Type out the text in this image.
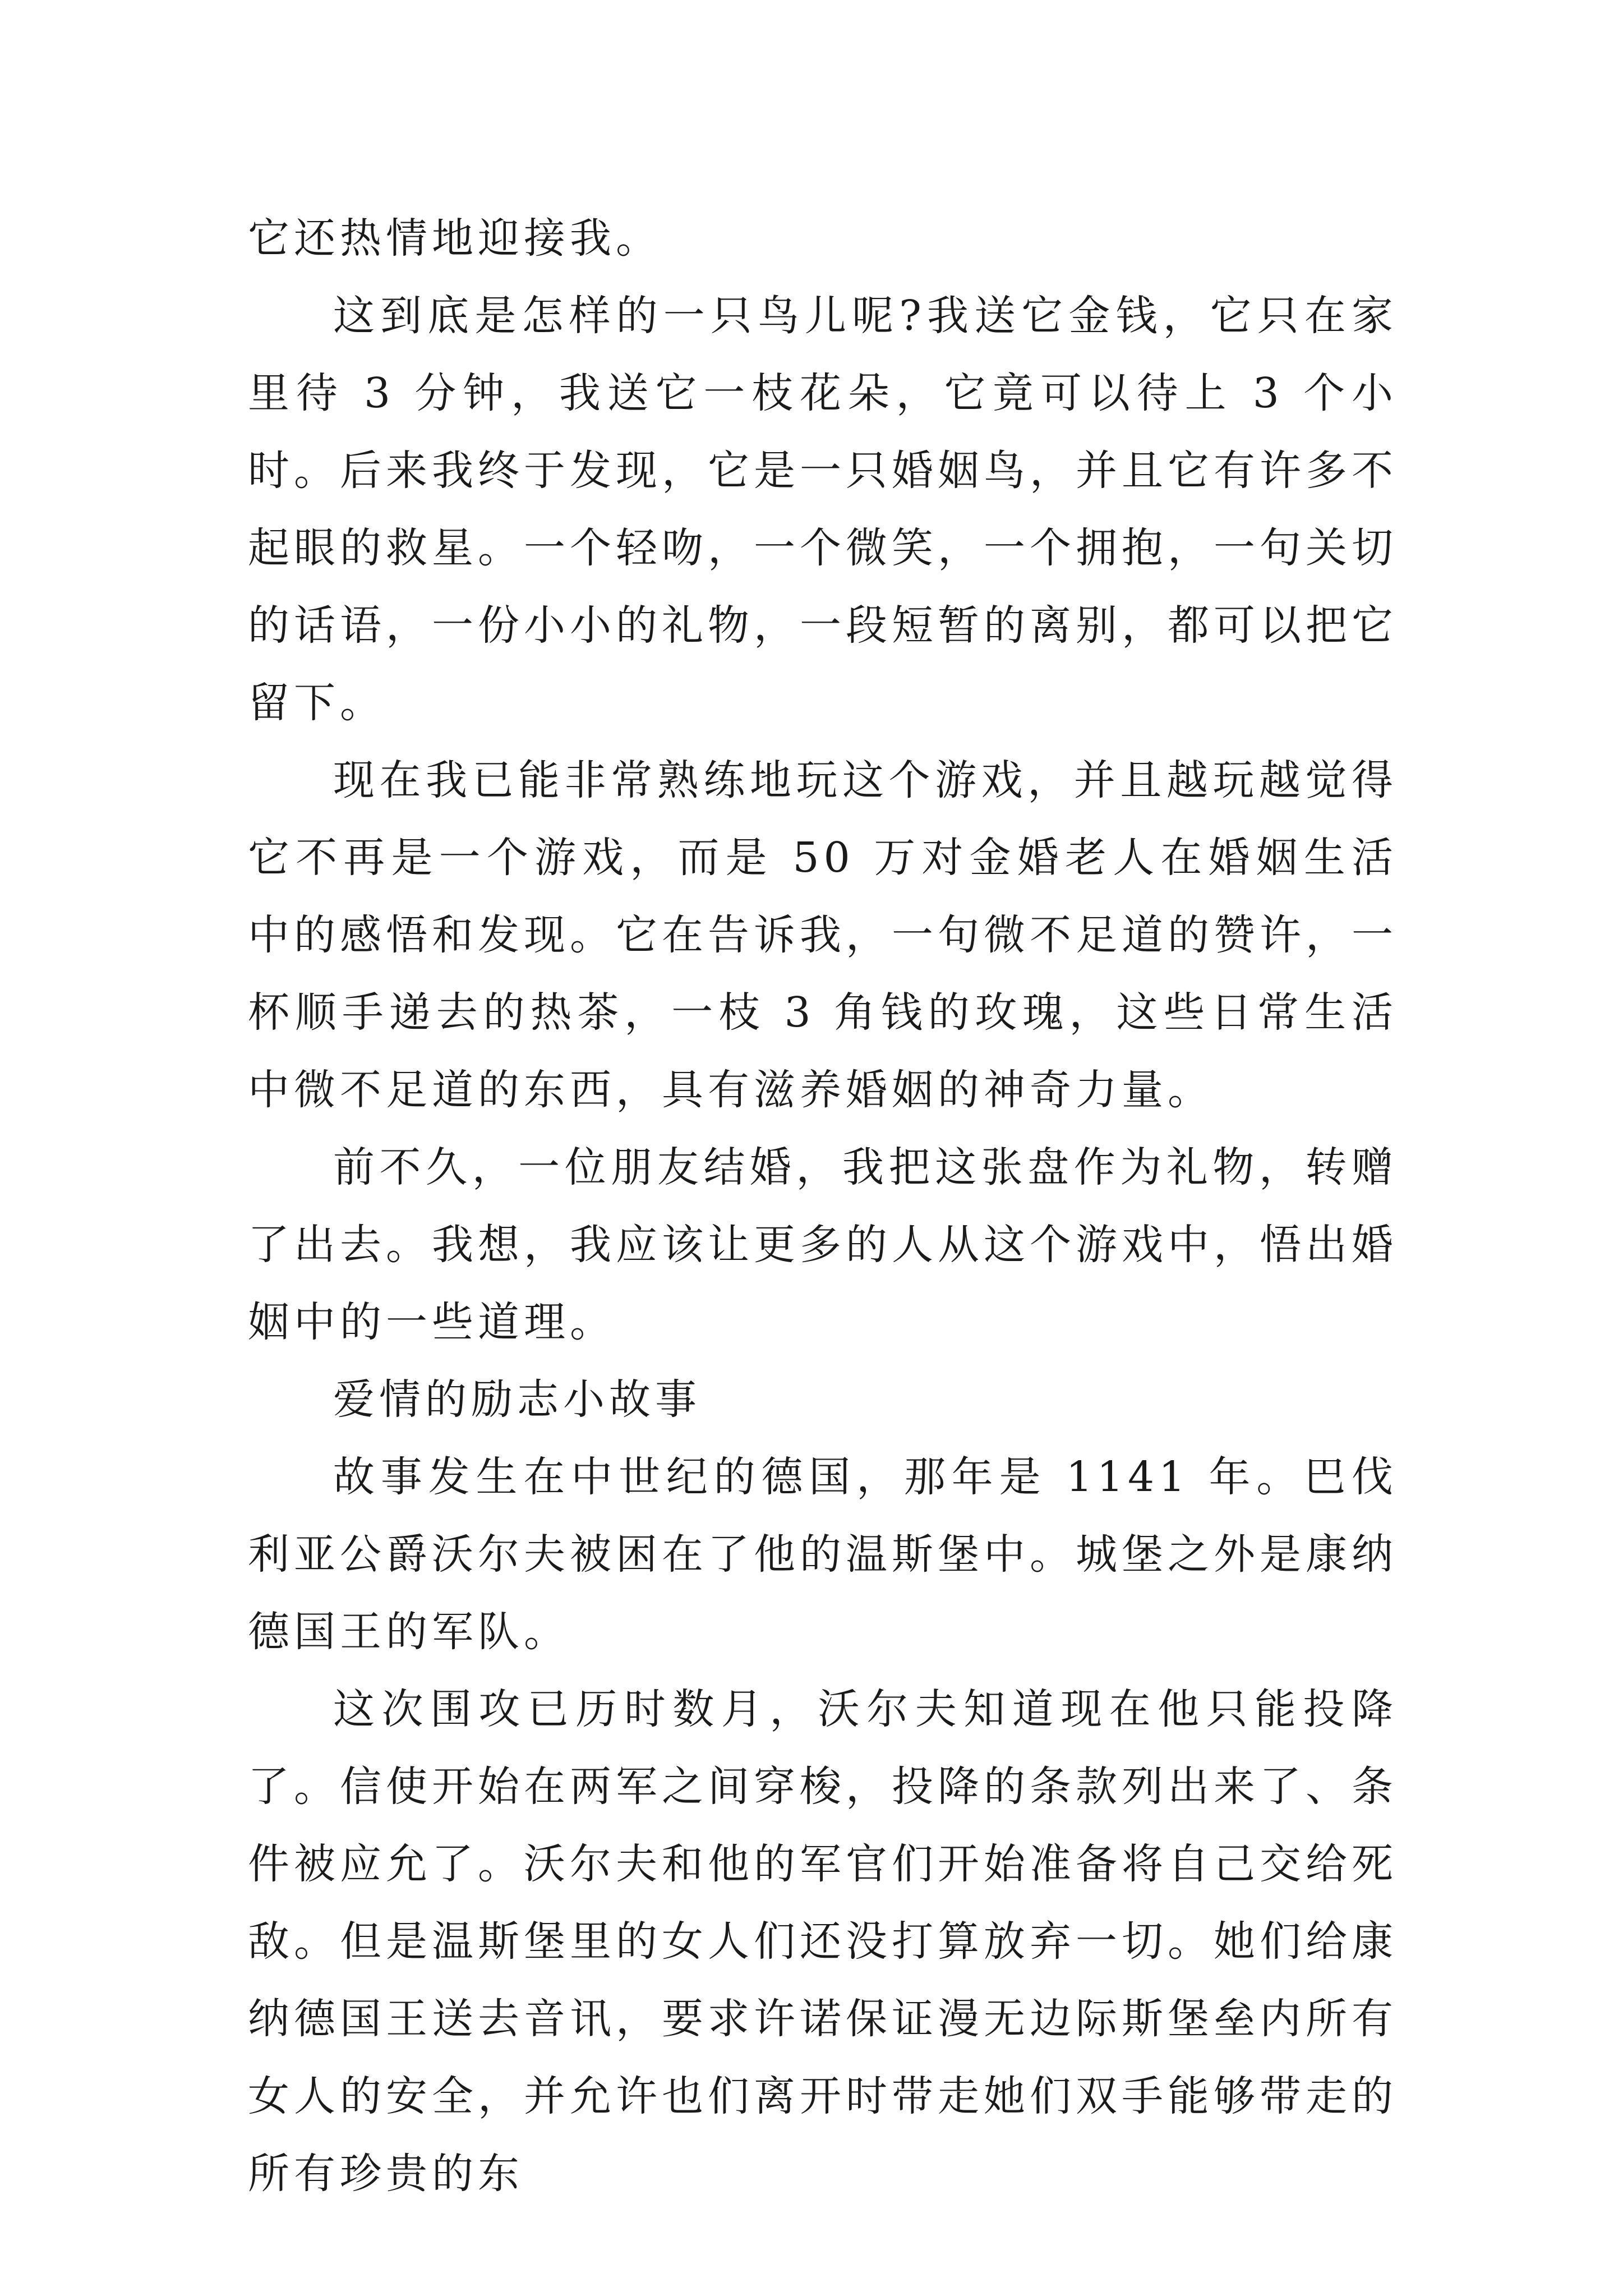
它还热情地迎接我。

这到底是怎样的一只鸟儿呢?我送它金钱，它只在家里待 3 分钟，我送它一枝花朵，它竟可以待上 3 个小时。后来我终于发现，它是一只婚姻鸟，并且它有许多不起眼的救星。一个轻吻，一个微笑，一个拥抱，一句关切的话语，一份小小的礼物，一段短暂的离别，都可以把它留下。

现在我已能非常熟练地玩这个游戏，并且越玩越觉得它不再是一个游戏，而是 50 万对金婚老人在婚姻生活中的感悟和发现。它在告诉我，一句微不足道的赞许，一杯顺手递去的热茶，一枝 3 角钱的玫瑰，这些日常生活中微不足道的东西，具有滋养婚姻的神奇力量。

前不久，一位朋友结婚，我把这张盘作为礼物，转赠了出去。我想，我应该让更多的人从这个游戏中，悟出婚姻中的一些道理。

爱情的励志小故事

故事发生在中世纪的德国，那年是 1141 年。巴伐利亚公爵沃尔夫被困在了他的温斯堡中。城堡之外是康纳德国王的军队。

这次围攻已历时数月，沃尔夫知道现在他只能投降了。信使开始在两军之间穿梭，投降的条款列出来了、条件被应允了。沃尔夫和他的军官们开始准备将自己交给死敌。但是温斯堡里的女人们还没打算放弃一切。她们给康纳德国王送去音讯，要求许诺保证漫无边际斯堡垒内所有女人的安全，并允许也们离开时带走她们双手能够带走的所有珍贵的东
